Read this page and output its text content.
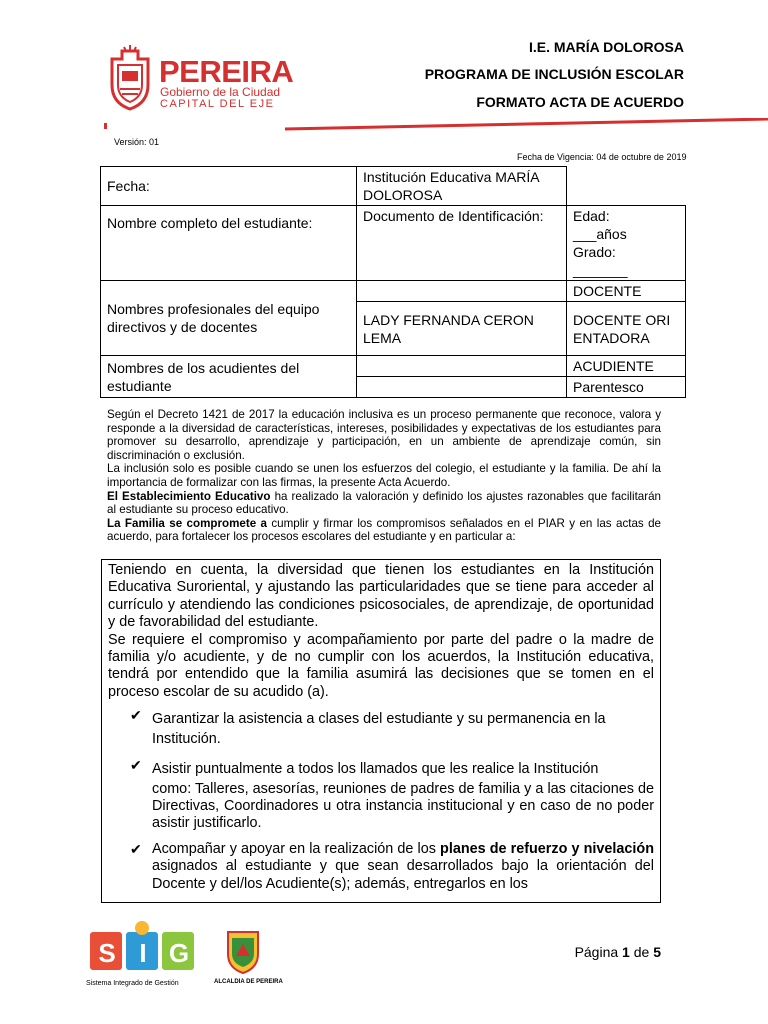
PEREIRA
Gobierno de la Ciudad
CAPITAL DEL EJE
I.E. MARÍA DOLOROSA
PROGRAMA DE INCLUSIÓN ESCOLAR
FORMATO ACTA DE ACUERDO
Versión: 01
Fecha de Vigencia: 04 de octubre de 2019
Fecha:	Institución Educativa MARÍA DOLOROSA	
Nombre completo del estudiante:	Documento de Identificación:	Edad:
___años
Grado:
_______

Nombres profesionales del equipo directivos y de docentes		DOCENTE
	LADY FERNANDA CERON LEMA	DOCENTE ORIENTADORA
Nombres de los acudientes del estudiante		ACUDIENTE
		Parentesco

Según el Decreto 1421 de 2017 la educación inclusiva es un proceso permanente que reconoce, valora y responde a la diversidad de características, intereses, posibilidades y expectativas de los estudiantes para promover su desarrollo, aprendizaje y participación, en un ambiente de aprendizaje común, sin discriminación o exclusión.

La inclusión solo es posible cuando se unen los esfuerzos del colegio, el estudiante y la familia. De ahí la importancia de formalizar con las firmas, la presente Acta Acuerdo.

El Establecimiento Educativo ha realizado la valoración y definido los ajustes razonables que facilitarán al estudiante su proceso educativo.

La Familia se compromete a cumplir y firmar los compromisos señalados en el PIAR y en las actas de acuerdo, para fortalecer los procesos escolares del estudiante y en particular a:

Teniendo en cuenta, la diversidad que tienen los estudiantes en la Institución Educativa Suroriental, y ajustando las particularidades que se tiene para acceder al currículo y atendiendo las condiciones psicosociales, de aprendizaje, de oportunidad y de favorabilidad del estudiante.

Se requiere el compromiso y acompañamiento por parte del padre o la madre de familia y/o acudiente, y de no cumplir con los acuerdos, la Institución educativa, tendrá por entendido que la familia asumirá las decisiones que se tomen en el proceso escolar de su acudido (a).

✔ Garantizar la asistencia a clases del estudiante y su permanencia en la
Institución.
✔ Asistir puntualmente a todos los llamados que les realice la Institución
como: Talleres, asesorías, reuniones de padres de familia y a las citaciones de Directivas, Coordinadores u otra instancia institucional y en caso de no poder asistir justificarlo.
✔ Acompañar y apoyar en la realización de los planes de refuerzo y nivelación asignados al estudiante y que sean desarrollados bajo la orientación del Docente y del/los Acudiente(s); además, entregarlos en los
S I G
Sistema Integrado de Gestión	ALCALDIA DE PEREIRA
Página 1 de 5
